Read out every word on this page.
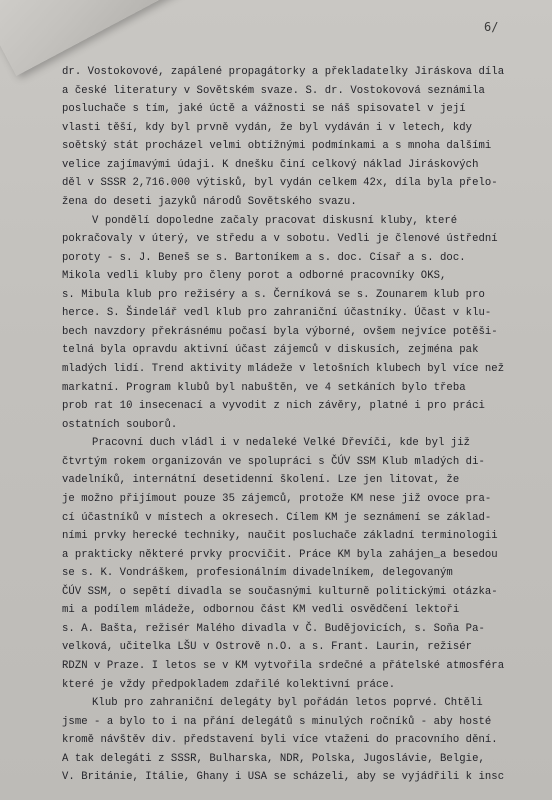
6/
dr. Vostokovové, zapálené propagátorky a překladatelky Jiráskova díla
a české literatury v Sovětském svaze. S. dr. Vostokovová seznámila
posluchače s tím, jaké úctě a vážnosti se náš spisovatel v její
vlasti těší, kdy byl prvně vydán, že byl vydáván i v letech, kdy
soětský stát procházel velmi obtížnými podmínkami a s mnoha dalšími
velice zajímavými údaji. K dnešku činí celkový náklad Jiráskových
děl v SSSR 2,716.000 výtisků, byl vydán celkem 42x, díla byla přelo-
žena do deseti jazyků národů Sovětského svazu.
V pondělí dopoledne začaly pracovat diskusní kluby, které
pokračovaly v úterý, ve středu a v sobotu. Vedli je členové ústřední
poroty - s. J. Beneš se s. Bartoníkem a s. doc. Císař a s. doc.
Mikola vedli kluby pro členy porot a odborné pracovníky OKS,
s. Mibula klub pro režiséry a s. Černíková se s. Zounarem klub pro
herce. S. Šindelář vedl klub pro zahraniční účastníky. Účast v klu-
bech navzdory překrásnému počasí byla výborné, ovšem nejvíce potěši-
telná byla opravdu aktivní účast zájemců v diskusích, zejména pak
mladých lidí. Trend aktivity mládeže v letošních klubech byl více než
markatní. Program klubů byl nabuštěn, ve 4 setkáních bylo třeba
prob rat 10 insecenací a vyvodit z nich závěry, platné i pro práci
ostatních souborů.
Pracovní duch vládl i v nedaleké Velké Dřevíči, kde byl již
čtvrtým rokem organizován ve spolupráci s ČÚV SSM Klub mladých di-
vadelníků, internátní desetidenní školení. Lze jen litovat, že
je možno přijímout pouze 35 zájemců, protože KM nese již ovoce pra-
cí účastníků v místech a okresech. Cílem KM je seznámení se základ-
ními prvky herecké techniky, naučit posluchače základní terminologii
a prakticky některé prvky procvičit. Práce KM byla zahájen_a besedou
se s. K. Vondráškem, profesionálním divadelníkem, delegovaným
ČÚV SSM, o sepětí divadla se současnými kulturně politickými otázka-
mi a podílem mládeže, odbornou část KM vedli osvědčení lektoři
s. A. Bašta, režisér Malého divadla v Č. Budějovicích, s. Soňa Pa-
velková, učitelka LŠU v Ostrově n.O. a s. Frant. Laurin, režisér
RDZN v Praze. I letos se v KM vytvořila srdečné a přátelské atmosféra
které je vždy předpokladem zdařilé kolektivní práce.
Klub pro zahraniční delegáty byl pořádán letos poprvé. Chtěli
jsme - a bylo to i na přání delegátů s minulých ročníků - aby hosté
kromě návštěv div. představení byli více vtaženi do pracovního dění.
A tak delegáti z SSSR, Bulharska, NDR, Polska, Jugoslávie, Belgie,
V. Británie, Itálie, Ghany i USA se scházeli, aby se vyjádřili k insc
